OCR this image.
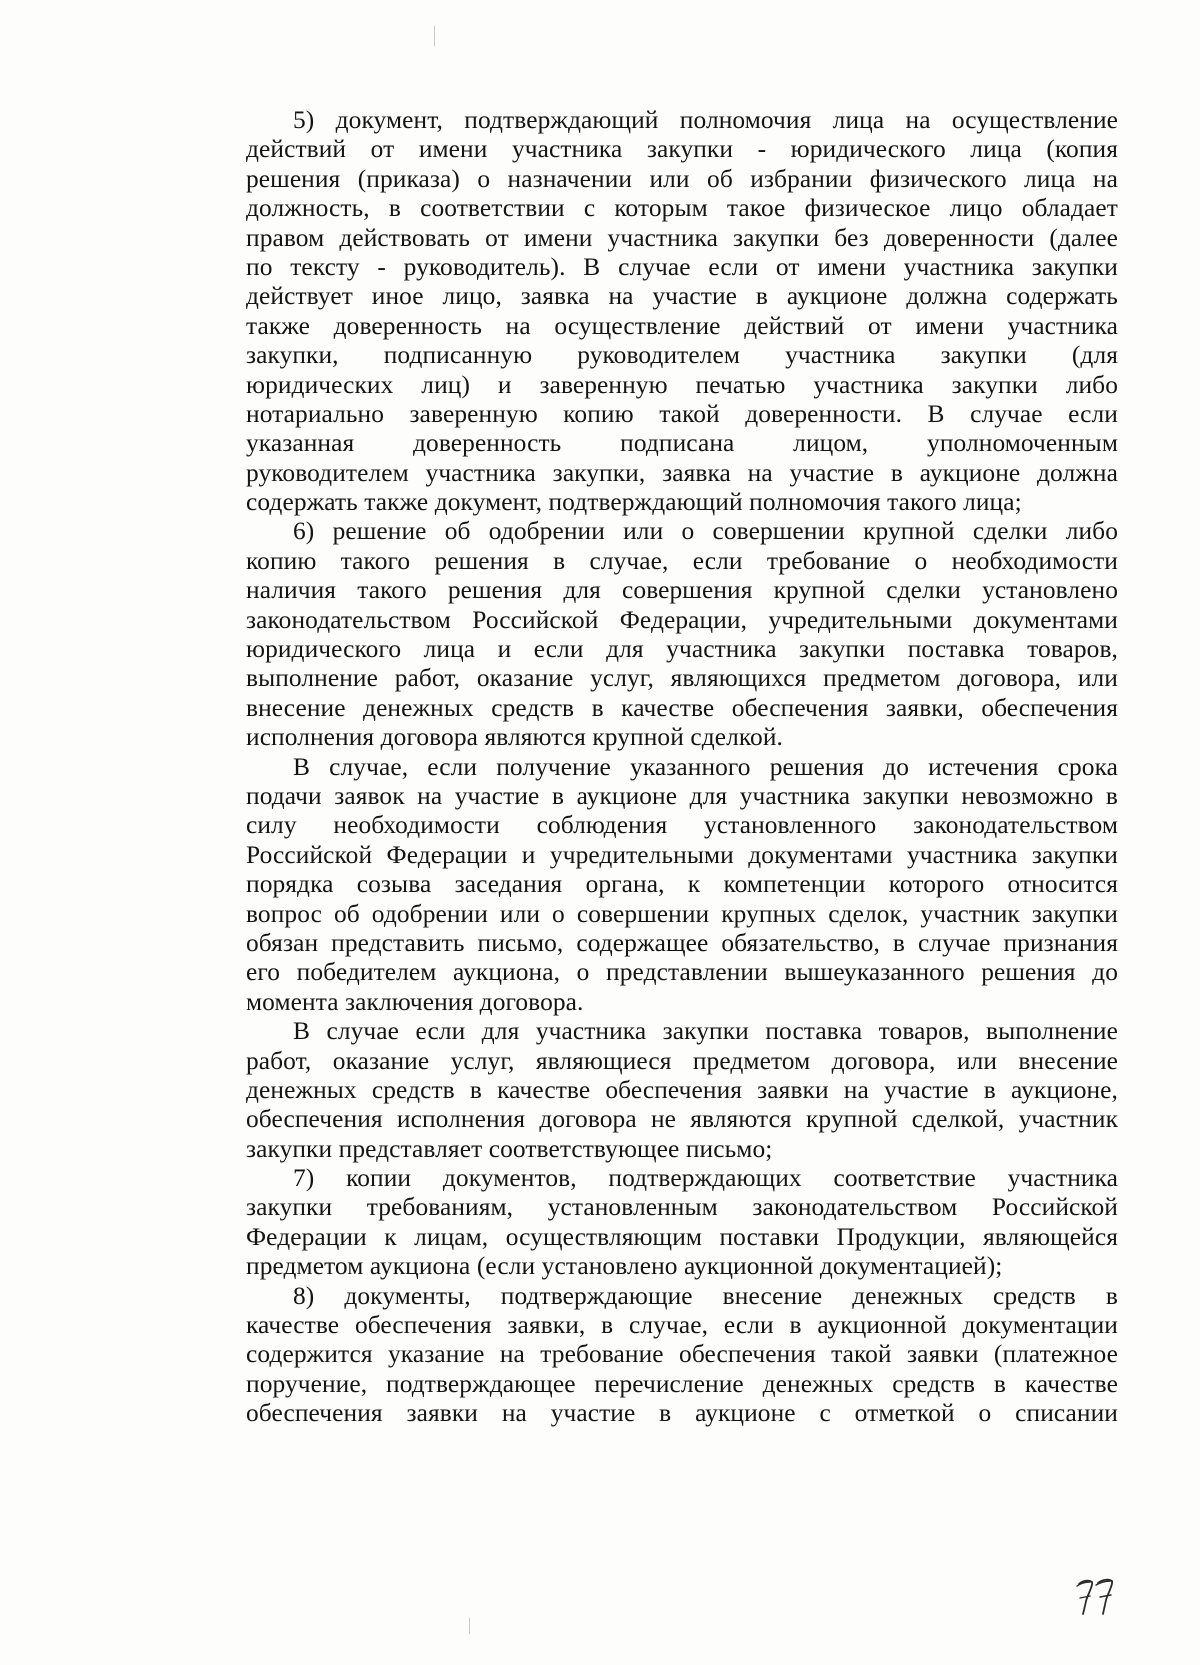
5) документ, подтверждающий полномочия лица на осуществление
действий от имени участника закупки - юридического лица (копия
решения (приказа) о назначении или об избрании физического лица на
должность, в соответствии с которым такое физическое лицо обладает
правом действовать от имени участника закупки без доверенности (далее
по тексту - руководитель). В случае если от имени участника закупки
действует иное лицо, заявка на участие в аукционе должна содержать
также доверенность на осуществление действий от имени участника
закупки, подписанную руководителем участника закупки (для
юридических лиц) и заверенную печатью участника закупки либо
нотариально заверенную копию такой доверенности. В случае если
указанная доверенность подписана лицом, уполномоченным
руководителем участника закупки, заявка на участие в аукционе должна
содержать также документ, подтверждающий полномочия такого лица;
6) решение об одобрении или о совершении крупной сделки либо
копию такого решения в случае, если требование о необходимости
наличия такого решения для совершения крупной сделки установлено
законодательством Российской Федерации, учредительными документами
юридического лица и если для участника закупки поставка товаров,
выполнение работ, оказание услуг, являющихся предметом договора, или
внесение денежных средств в качестве обеспечения заявки, обеспечения
исполнения договора являются крупной сделкой.
В случае, если получение указанного решения до истечения срока
подачи заявок на участие в аукционе для участника закупки невозможно в
силу необходимости соблюдения установленного законодательством
Российской Федерации и учредительными документами участника закупки
порядка созыва заседания органа, к компетенции которого относится
вопрос об одобрении или о совершении крупных сделок, участник закупки
обязан представить письмо, содержащее обязательство, в случае признания
его победителем аукциона, о представлении вышеуказанного решения до
момента заключения договора.
В случае если для участника закупки поставка товаров, выполнение
работ, оказание услуг, являющиеся предметом договора, или внесение
денежных средств в качестве обеспечения заявки на участие в аукционе,
обеспечения исполнения договора не являются крупной сделкой, участник
закупки представляет соответствующее письмо;
7) копии документов, подтверждающих соответствие участника
закупки требованиям, установленным законодательством Российской
Федерации к лицам, осуществляющим поставки Продукции, являющейся
предметом аукциона (если установлено аукционной документацией);
8) документы, подтверждающие внесение денежных средств в
качестве обеспечения заявки, в случае, если в аукционной документации
содержится указание на требование обеспечения такой заявки (платежное
поручение, подтверждающее перечисление денежных средств в качестве
обеспечения заявки на участие в аукционе с отметкой о списании
